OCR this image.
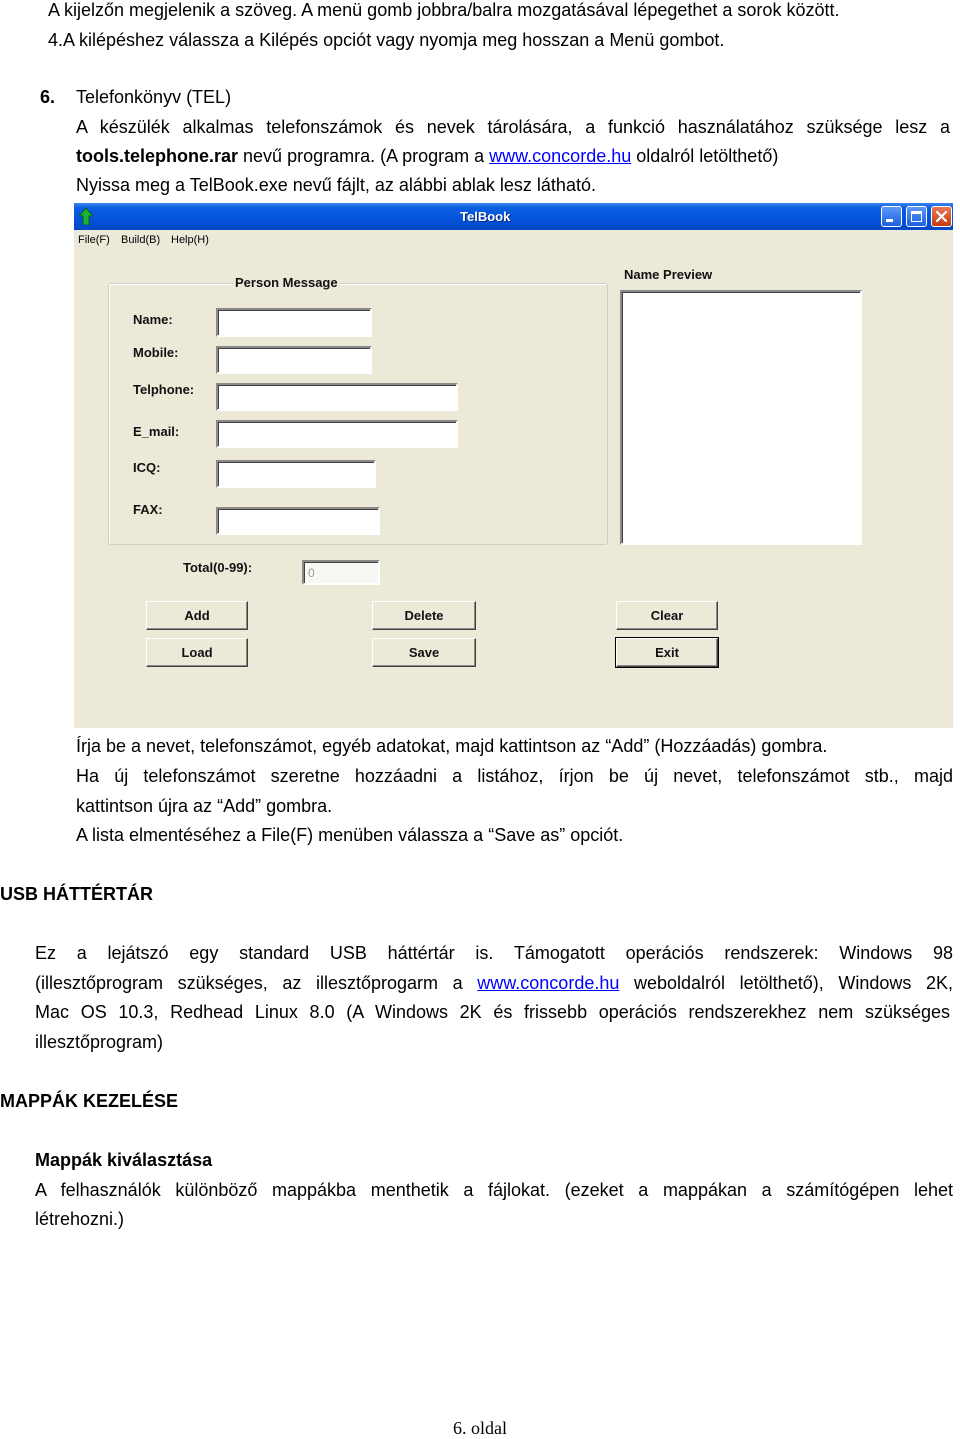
A kijelzőn megjelenik a szöveg. A menü gomb jobbra/balra mozgatásával lépegethet a sorok között.
4.A kilépéshez válassza a Kilépés opciót vagy nyomja meg hosszan a Menü gombot.
6. Telefonkönyv (TEL)
A készülék alkalmas telefonszámok és nevek tárolására, a funkció használatához szüksége lesz a
tools.telephone.rar nevű programra. (A program a www.concorde.hu oldalról letölthető)
Nyissa meg a TelBook.exe nevű fájlt, az alábbi ablak lesz látható.
TelBook
File(F) Build(B) Help(H)
Person Message
Name:
Mobile:
Telphone:
E_mail:
ICQ:
FAX:
Total(0-99):
0
Add	Delete	Clear
Load	Save	Exit
Name Preview
Írja be a nevet, telefonszámot, egyéb adatokat, majd kattintson az “Add” (Hozzáadás) gombra.
Ha új telefonszámot szeretne hozzáadni a listához, írjon be új nevet, telefonszámot stb., majd
kattintson újra az “Add” gombra.
A lista elmentéséhez a File(F) menüben válassza a “Save as” opciót.
USB HÁTTÉRTÁR
Ez a lejátszó egy standard USB háttértár is. Támogatott operációs rendszerek: Windows 98
(illesztőprogram szükséges, az illesztőprogarm a www.concorde.hu weboldalról letölthető), Windows 2K,
Mac OS 10.3, Redhead Linux 8.0 (A Windows 2K és frissebb operációs rendszerekhez nem szükséges
illesztőprogram)
MAPPÁK KEZELÉSE
Mappák kiválasztása
A felhasználók különböző mappákba menthetik a fájlokat. (ezeket a mappákan a számítógépen lehet
létrehozni.)
6. oldal
